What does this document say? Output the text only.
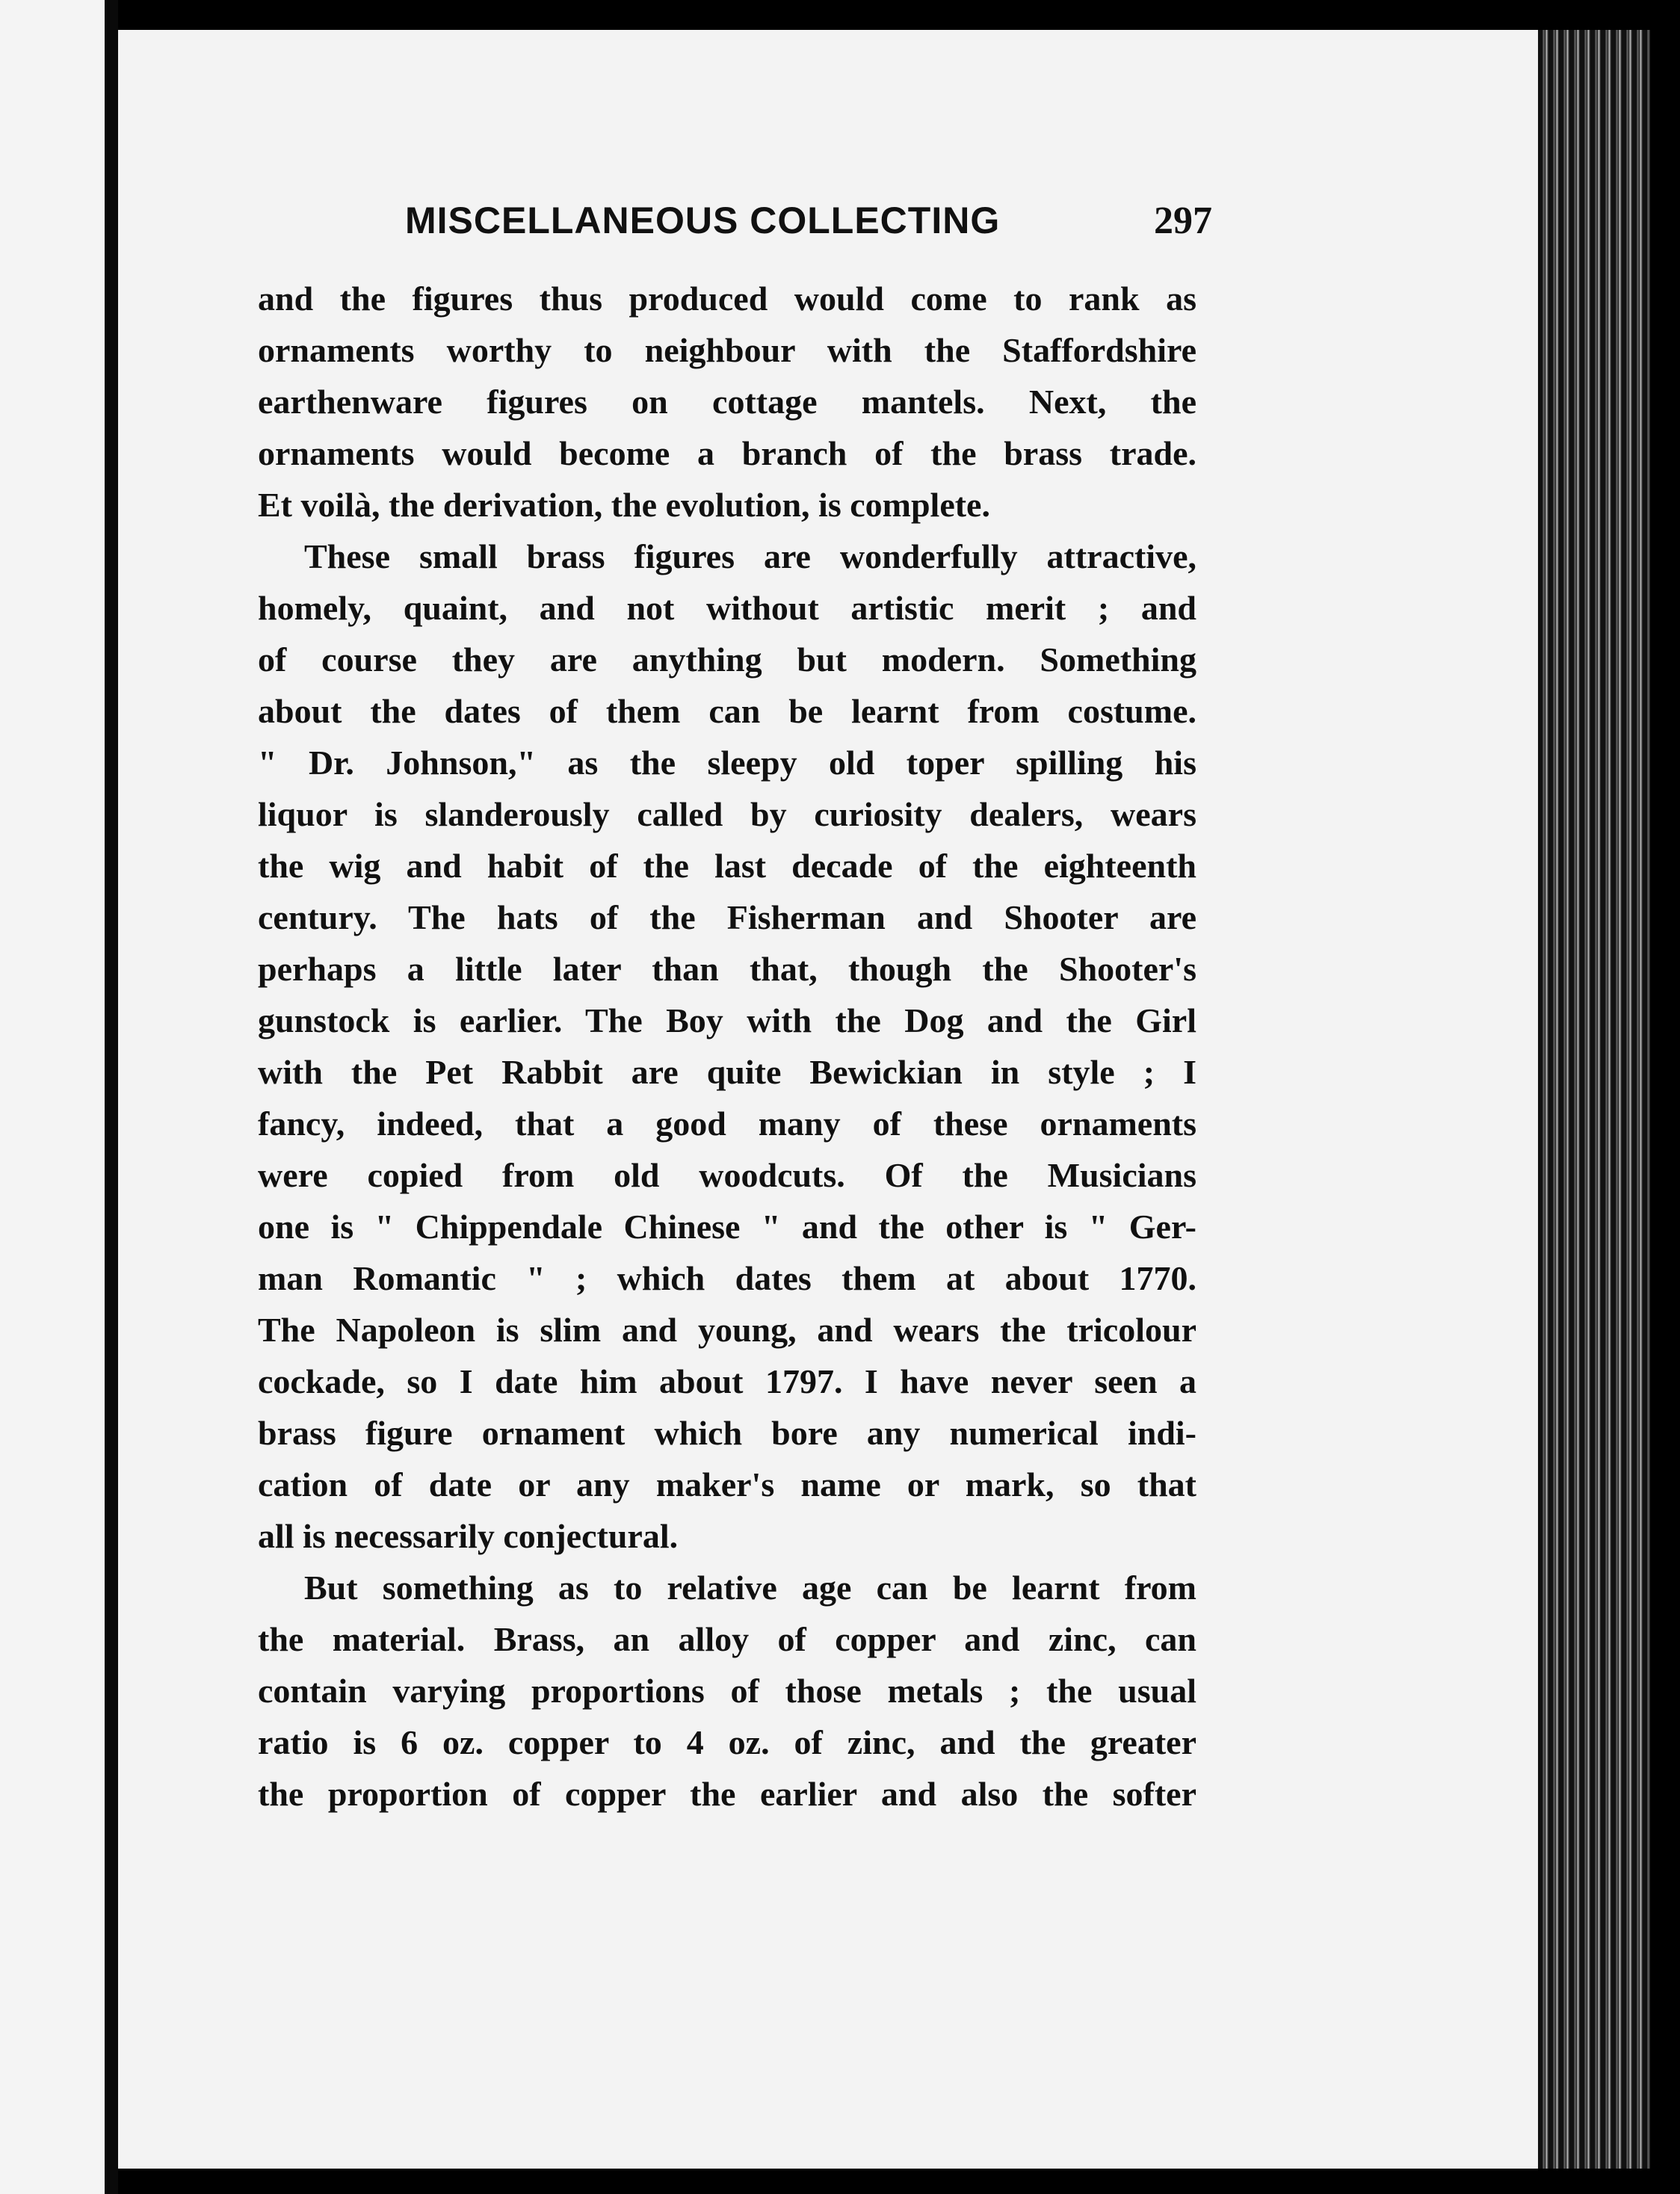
MISCELLANEOUS COLLECTING	297
and the figures thus produced would come to rank as
ornaments worthy to neighbour with the Staffordshire
earthenware figures on cottage mantels. Next, the
ornaments would become a branch of the brass trade.
Et voilà, the derivation, the evolution, is complete.
These small brass figures are wonderfully attractive,
homely, quaint, and not without artistic merit ; and
of course they are anything but modern. Something
about the dates of them can be learnt from costume.
" Dr. Johnson," as the sleepy old toper spilling his
liquor is slanderously called by curiosity dealers, wears
the wig and habit of the last decade of the eighteenth
century. The hats of the Fisherman and Shooter are
perhaps a little later than that, though the Shooter's
gunstock is earlier. The Boy with the Dog and the Girl
with the Pet Rabbit are quite Bewickian in style ; I
fancy, indeed, that a good many of these ornaments
were copied from old woodcuts. Of the Musicians
one is " Chippendale Chinese " and the other is " Ger-
man Romantic " ; which dates them at about 1770.
The Napoleon is slim and young, and wears the tricolour
cockade, so I date him about 1797. I have never seen a
brass figure ornament which bore any numerical indi-
cation of date or any maker's name or mark, so that
all is necessarily conjectural.
But something as to relative age can be learnt from
the material. Brass, an alloy of copper and zinc, can
contain varying proportions of those metals ; the usual
ratio is 6 oz. copper to 4 oz. of zinc, and the greater
the proportion of copper the earlier and also the softer
